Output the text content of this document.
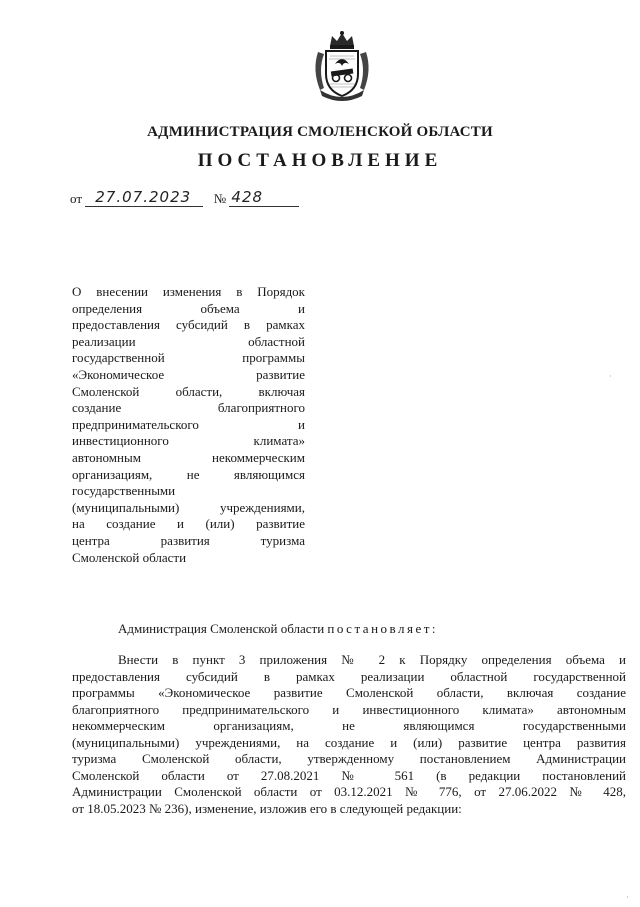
АДМИНИСТРАЦИЯ СМОЛЕНСКОЙ ОБЛАСТИ
ПОСТАНОВЛЕНИЕ
от 27.07.2023 № 428
О внесении изменения в Порядок
определения объема и
предоставления субсидий в рамках
реализации областной
государственной программы
«Экономическое развитие
Смоленской области, включая
создание благоприятного
предпринимательского и
инвестиционного климата»
автономным некоммерческим
организациям, не являющимся
государственными
(муниципальными) учреждениями,
на создание и (или) развитие
центра развития туризма
Смоленской области
Администрация Смоленской области постановляет:
Внести в пункт 3 приложения № 2 к Порядку определения объема и
предоставления субсидий в рамках реализации областной государственной
программы «Экономическое развитие Смоленской области, включая создание
благоприятного предпринимательского и инвестиционного климата» автономным
некоммерческим организациям, не являющимся государственными
(муниципальными) учреждениями, на создание и (или) развитие центра развития
туризма Смоленской области, утвержденному постановлением Администрации
Смоленской области от 27.08.2021 № 561 (в редакции постановлений
Администрации Смоленской области от 03.12.2021 № 776, от 27.06.2022 № 428,
от 18.05.2023 № 236), изменение, изложив его в следующей редакции:
·
·
